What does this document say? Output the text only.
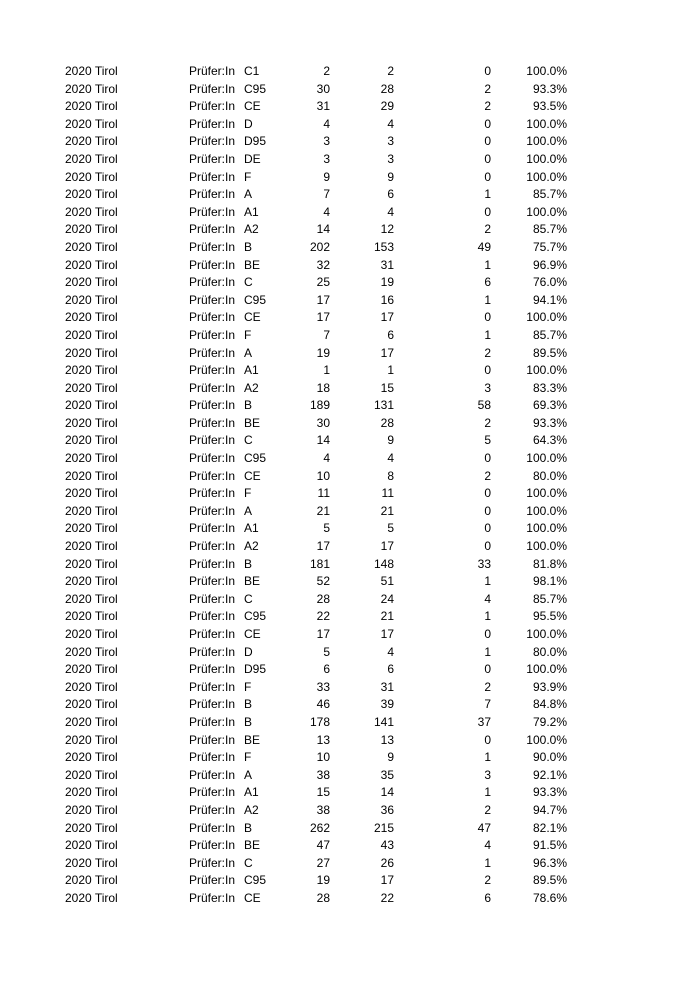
2020 Tirol	Prüfer:In C1	2	2	0	100.0%
2020 Tirol	Prüfer:In C95	30	28	2	93.3%
2020 Tirol	Prüfer:In CE	31	29	2	93.5%
2020 Tirol	Prüfer:In D	4	4	0	100.0%
2020 Tirol	Prüfer:In D95	3	3	0	100.0%
2020 Tirol	Prüfer:In DE	3	3	0	100.0%
2020 Tirol	Prüfer:In F	9	9	0	100.0%
2020 Tirol	Prüfer:In A	7	6	1	85.7%
2020 Tirol	Prüfer:In A1	4	4	0	100.0%
2020 Tirol	Prüfer:In A2	14	12	2	85.7%
2020 Tirol	Prüfer:In B	202	153	49	75.7%
2020 Tirol	Prüfer:In BE	32	31	1	96.9%
2020 Tirol	Prüfer:In C	25	19	6	76.0%
2020 Tirol	Prüfer:In C95	17	16	1	94.1%
2020 Tirol	Prüfer:In CE	17	17	0	100.0%
2020 Tirol	Prüfer:In F	7	6	1	85.7%
2020 Tirol	Prüfer:In A	19	17	2	89.5%
2020 Tirol	Prüfer:In A1	1	1	0	100.0%
2020 Tirol	Prüfer:In A2	18	15	3	83.3%
2020 Tirol	Prüfer:In B	189	131	58	69.3%
2020 Tirol	Prüfer:In BE	30	28	2	93.3%
2020 Tirol	Prüfer:In C	14	9	5	64.3%
2020 Tirol	Prüfer:In C95	4	4	0	100.0%
2020 Tirol	Prüfer:In CE	10	8	2	80.0%
2020 Tirol	Prüfer:In F	11	11	0	100.0%
2020 Tirol	Prüfer:In A	21	21	0	100.0%
2020 Tirol	Prüfer:In A1	5	5	0	100.0%
2020 Tirol	Prüfer:In A2	17	17	0	100.0%
2020 Tirol	Prüfer:In B	181	148	33	81.8%
2020 Tirol	Prüfer:In BE	52	51	1	98.1%
2020 Tirol	Prüfer:In C	28	24	4	85.7%
2020 Tirol	Prüfer:In C95	22	21	1	95.5%
2020 Tirol	Prüfer:In CE	17	17	0	100.0%
2020 Tirol	Prüfer:In D	5	4	1	80.0%
2020 Tirol	Prüfer:In D95	6	6	0	100.0%
2020 Tirol	Prüfer:In F	33	31	2	93.9%
2020 Tirol	Prüfer:In B	46	39	7	84.8%
2020 Tirol	Prüfer:In B	178	141	37	79.2%
2020 Tirol	Prüfer:In BE	13	13	0	100.0%
2020 Tirol	Prüfer:In F	10	9	1	90.0%
2020 Tirol	Prüfer:In A	38	35	3	92.1%
2020 Tirol	Prüfer:In A1	15	14	1	93.3%
2020 Tirol	Prüfer:In A2	38	36	2	94.7%
2020 Tirol	Prüfer:In B	262	215	47	82.1%
2020 Tirol	Prüfer:In BE	47	43	4	91.5%
2020 Tirol	Prüfer:In C	27	26	1	96.3%
2020 Tirol	Prüfer:In C95	19	17	2	89.5%
2020 Tirol	Prüfer:In CE	28	22	6	78.6%
